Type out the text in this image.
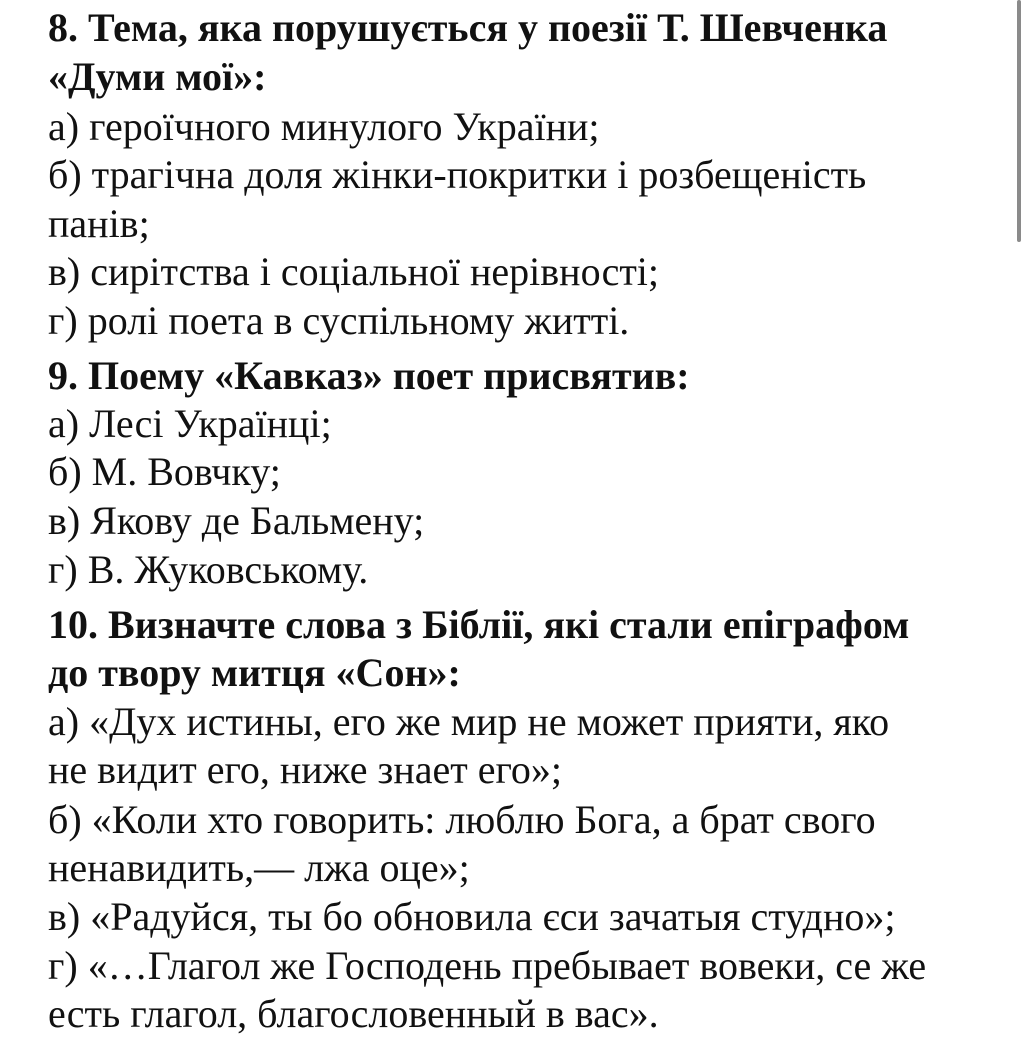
8. Тема, яка порушується у поезії Т. Шевченка
«Думи мої»:
а) героїчного минулого України;
б) трагічна доля жінки-покритки і розбещеність
панів;
в) сирітства і соціальної нерівності;
г) ролі поета в суспільному житті.
9. Поему «Кавказ» поет присвятив:
а) Лесі Українці;
б) М. Вовчку;
в) Якову де Бальмену;
г) В. Жуковському.
10. Визначте слова з Біблії, які стали епіграфом
до твору митця «Сон»:
а) «Дух истины, его же мир не может прияти, яко
не видит его, ниже знает его»;
б) «Коли хто говорить: люблю Бога, а брат свого
ненавидить,— лжа оце»;
в) «Радуйся, ты бо обновила єси зачатыя студно»;
г) «…Глагол же Господень пребывает вовеки, се же
есть глагол, благословенный в вас».
